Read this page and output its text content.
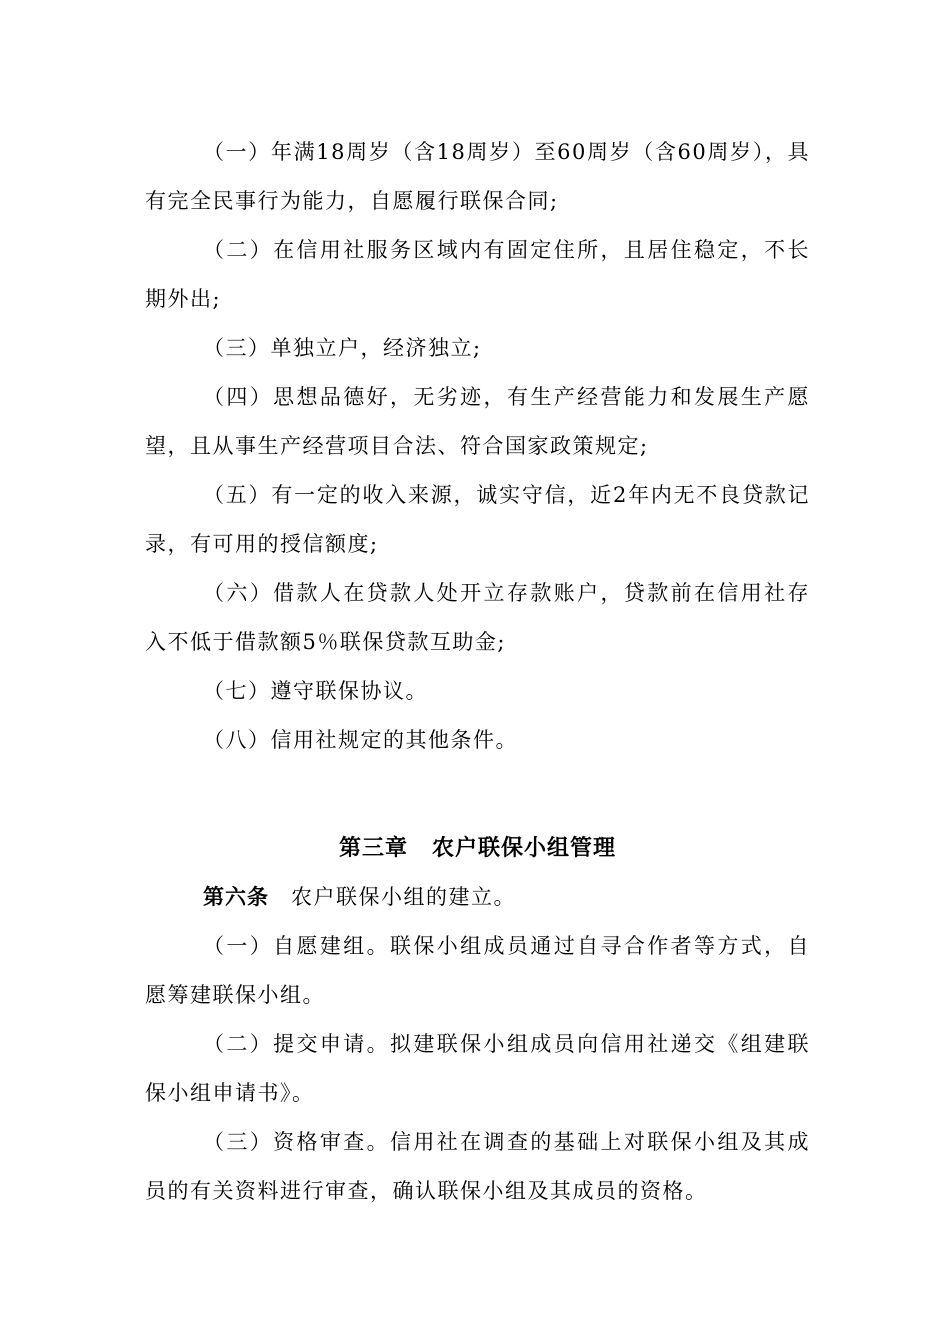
（一）年满18周岁（含18周岁）至60周岁（含60周岁），具有完全民事行为能力，自愿履行联保合同;

（二）在信用社服务区域内有固定住所，且居住稳定，不长期外出;

（三）单独立户，经济独立;

（四）思想品德好，无劣迹，有生产经营能力和发展生产愿望，且从事生产经营项目合法、符合国家政策规定;

（五）有一定的收入来源，诚实守信，近2年内无不良贷款记录，有可用的授信额度;

（六）借款人在贷款人处开立存款账户，贷款前在信用社存入不低于借款额5％联保贷款互助金;

（七）遵守联保协议。

（八）信用社规定的其他条件。

第三章 农户联保小组管理

第六条 农户联保小组的建立。

（一）自愿建组。联保小组成员通过自寻合作者等方式，自愿筹建联保小组。

（二）提交申请。拟建联保小组成员向信用社递交《组建联保小组申请书》。

（三）资格审查。信用社在调查的基础上对联保小组及其成员的有关资料进行审查，确认联保小组及其成员的资格。
